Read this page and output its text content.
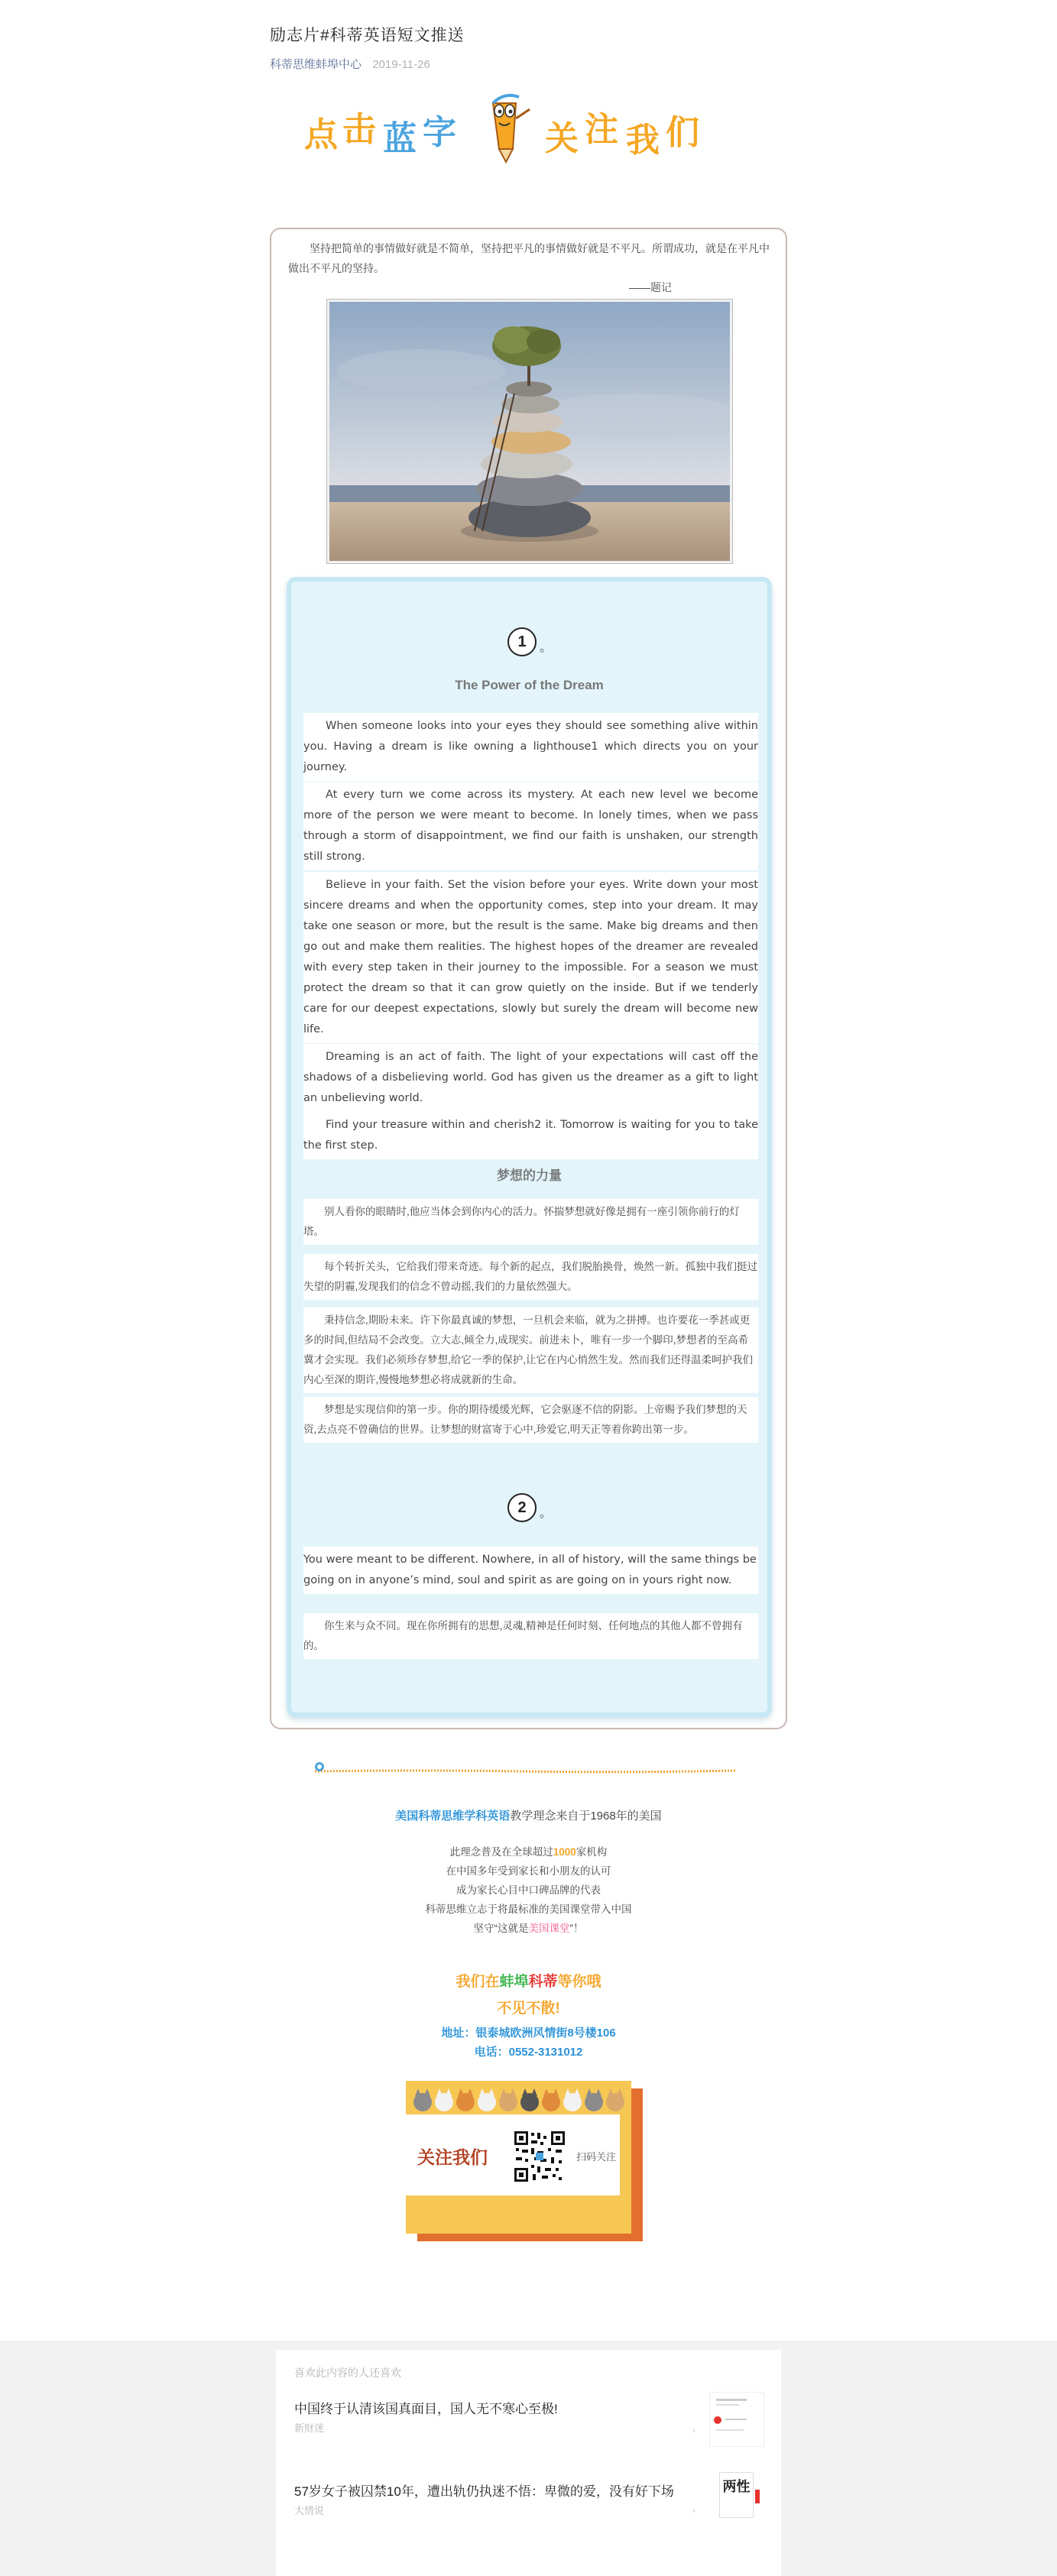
励志片#科蒂英语短文推送
科蒂思维蚌埠中心 2019-11-26
点 击 蓝 字	关 注 我 们
坚持把简单的事情做好就是不简单，坚持把平凡的事情做好就是不平凡。所谓成功，就是在平凡中做出不平凡的坚持。
——题记
1	。
The Power of the Dream
When someone looks into your eyes they should see something alive within you. Having a dream is like owning a lighthouse1 which directs you on your journey.
At every turn we come across its mystery. At each new level we become more of the person we were meant to become. In lonely times, when we pass through a storm of disappointment, we find our faith is unshaken, our strength still strong.
Believe in your faith. Set the vision before your eyes. Write down your most sincere dreams and when the opportunity comes, step into your dream. It may take one season or more, but the result is the same. Make big dreams and then go out and make them realities. The highest hopes of the dreamer are revealed with every step taken in their journey to the impossible. For a season we must protect the dream so that it can grow quietly on the inside. But if we tenderly care for our deepest expectations, slowly but surely the dream will become new life.
Dreaming is an act of faith. The light of your expectations will cast off the shadows of a disbelieving world. God has given us the dreamer as a gift to light an unbelieving world.
Find your treasure within and cherish2 it. Tomorrow is waiting for you to take the first step.
梦想的力量
别人看你的眼睛时,他应当体会到你内心的活力。怀揣梦想就好像是拥有一座引领你前行的灯塔。
每个转折关头，它给我们带来奇迹。每个新的起点，我们脱胎换骨，焕然一新。孤独中我们挺过失望的阴霾,发现我们的信念不曾动摇,我们的力量依然强大。
秉持信念,期盼未来。许下你最真诚的梦想，一旦机会来临，就为之拼搏。也许要花一季甚或更多的时间,但结局不会改变。立大志,倾全力,成现实。前进未卜，唯有一步一个脚印,梦想者的至高希冀才会实现。我们必须珍存梦想,给它一季的保护,让它在内心悄然生发。然而我们还得温柔呵护我们内心至深的期许,慢慢地梦想必将成就新的生命。
梦想是实现信仰的第一步。你的期待缓缓光辉，它会驱逐不信的阴影。上帝赐予我们梦想的天资,去点亮不曾确信的世界。让梦想的财富寄于心中,珍爱它,明天正等着你跨出第一步。
2	。
You were meant to be different. Nowhere, in all of history, will the same things be going on in anyone’s mind, soul and spirit as are going on in yours right now.
你生来与众不同。现在你所拥有的思想,灵魂,精神是任何时刻、任何地点的其他人都不曾拥有的。
美国科蒂思维学科英语教学理念来自于1968年的美国
此理念普及在全球超过1000家机构
在中国多年受到家长和小朋友的认可
成为家长心目中口碑品牌的代表
科蒂思维立志于将最标准的美国课堂带入中国
坚守“这就是美国课堂”！
我们在蚌埠科蒂等你哦
不见不散!
地址：银泰城欧洲风情街8号楼106
电话：0552-3131012
关注我们	扫码关注
喜欢此内容的人还喜欢
中国终于认清该国真面目，国人无不寒心至极!
新财迷	›
57岁女子被囚禁10年，遭出轨仍执迷不悟：卑微的爱，没有好下场
大情说	›
两性
